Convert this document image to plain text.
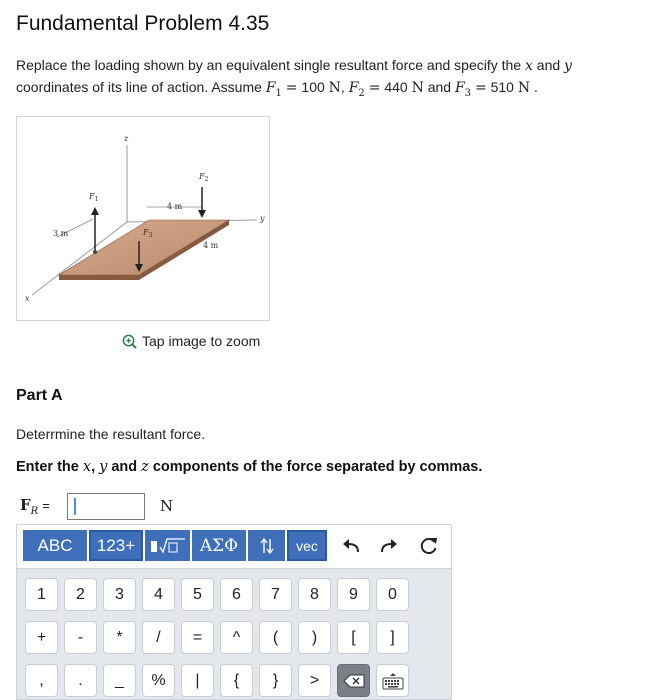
Fundamental Problem 4.35
Replace the loading shown by an equivalent single resultant force and specify the x and y
coordinates of its line of action. Assume $F_1 = 100$ N, $F_2 = 440$ N and $F_3 = 510$ N .
z
y
x
$F_1$
$F_2$
$F_3$
4 m
3 m
4 m
Tap image to zoom
Part A
Deterrmine the resultant force.
Enter the x, y and z components of the force separated by commas.
$F_R$ =	N
ABC	123+	AΣΦ	vec
1	2	3	4	5	6	7	8	9	0
+	-	*	/	=	^	(	)	[	]
,	.	_	%	|	{	}	>
